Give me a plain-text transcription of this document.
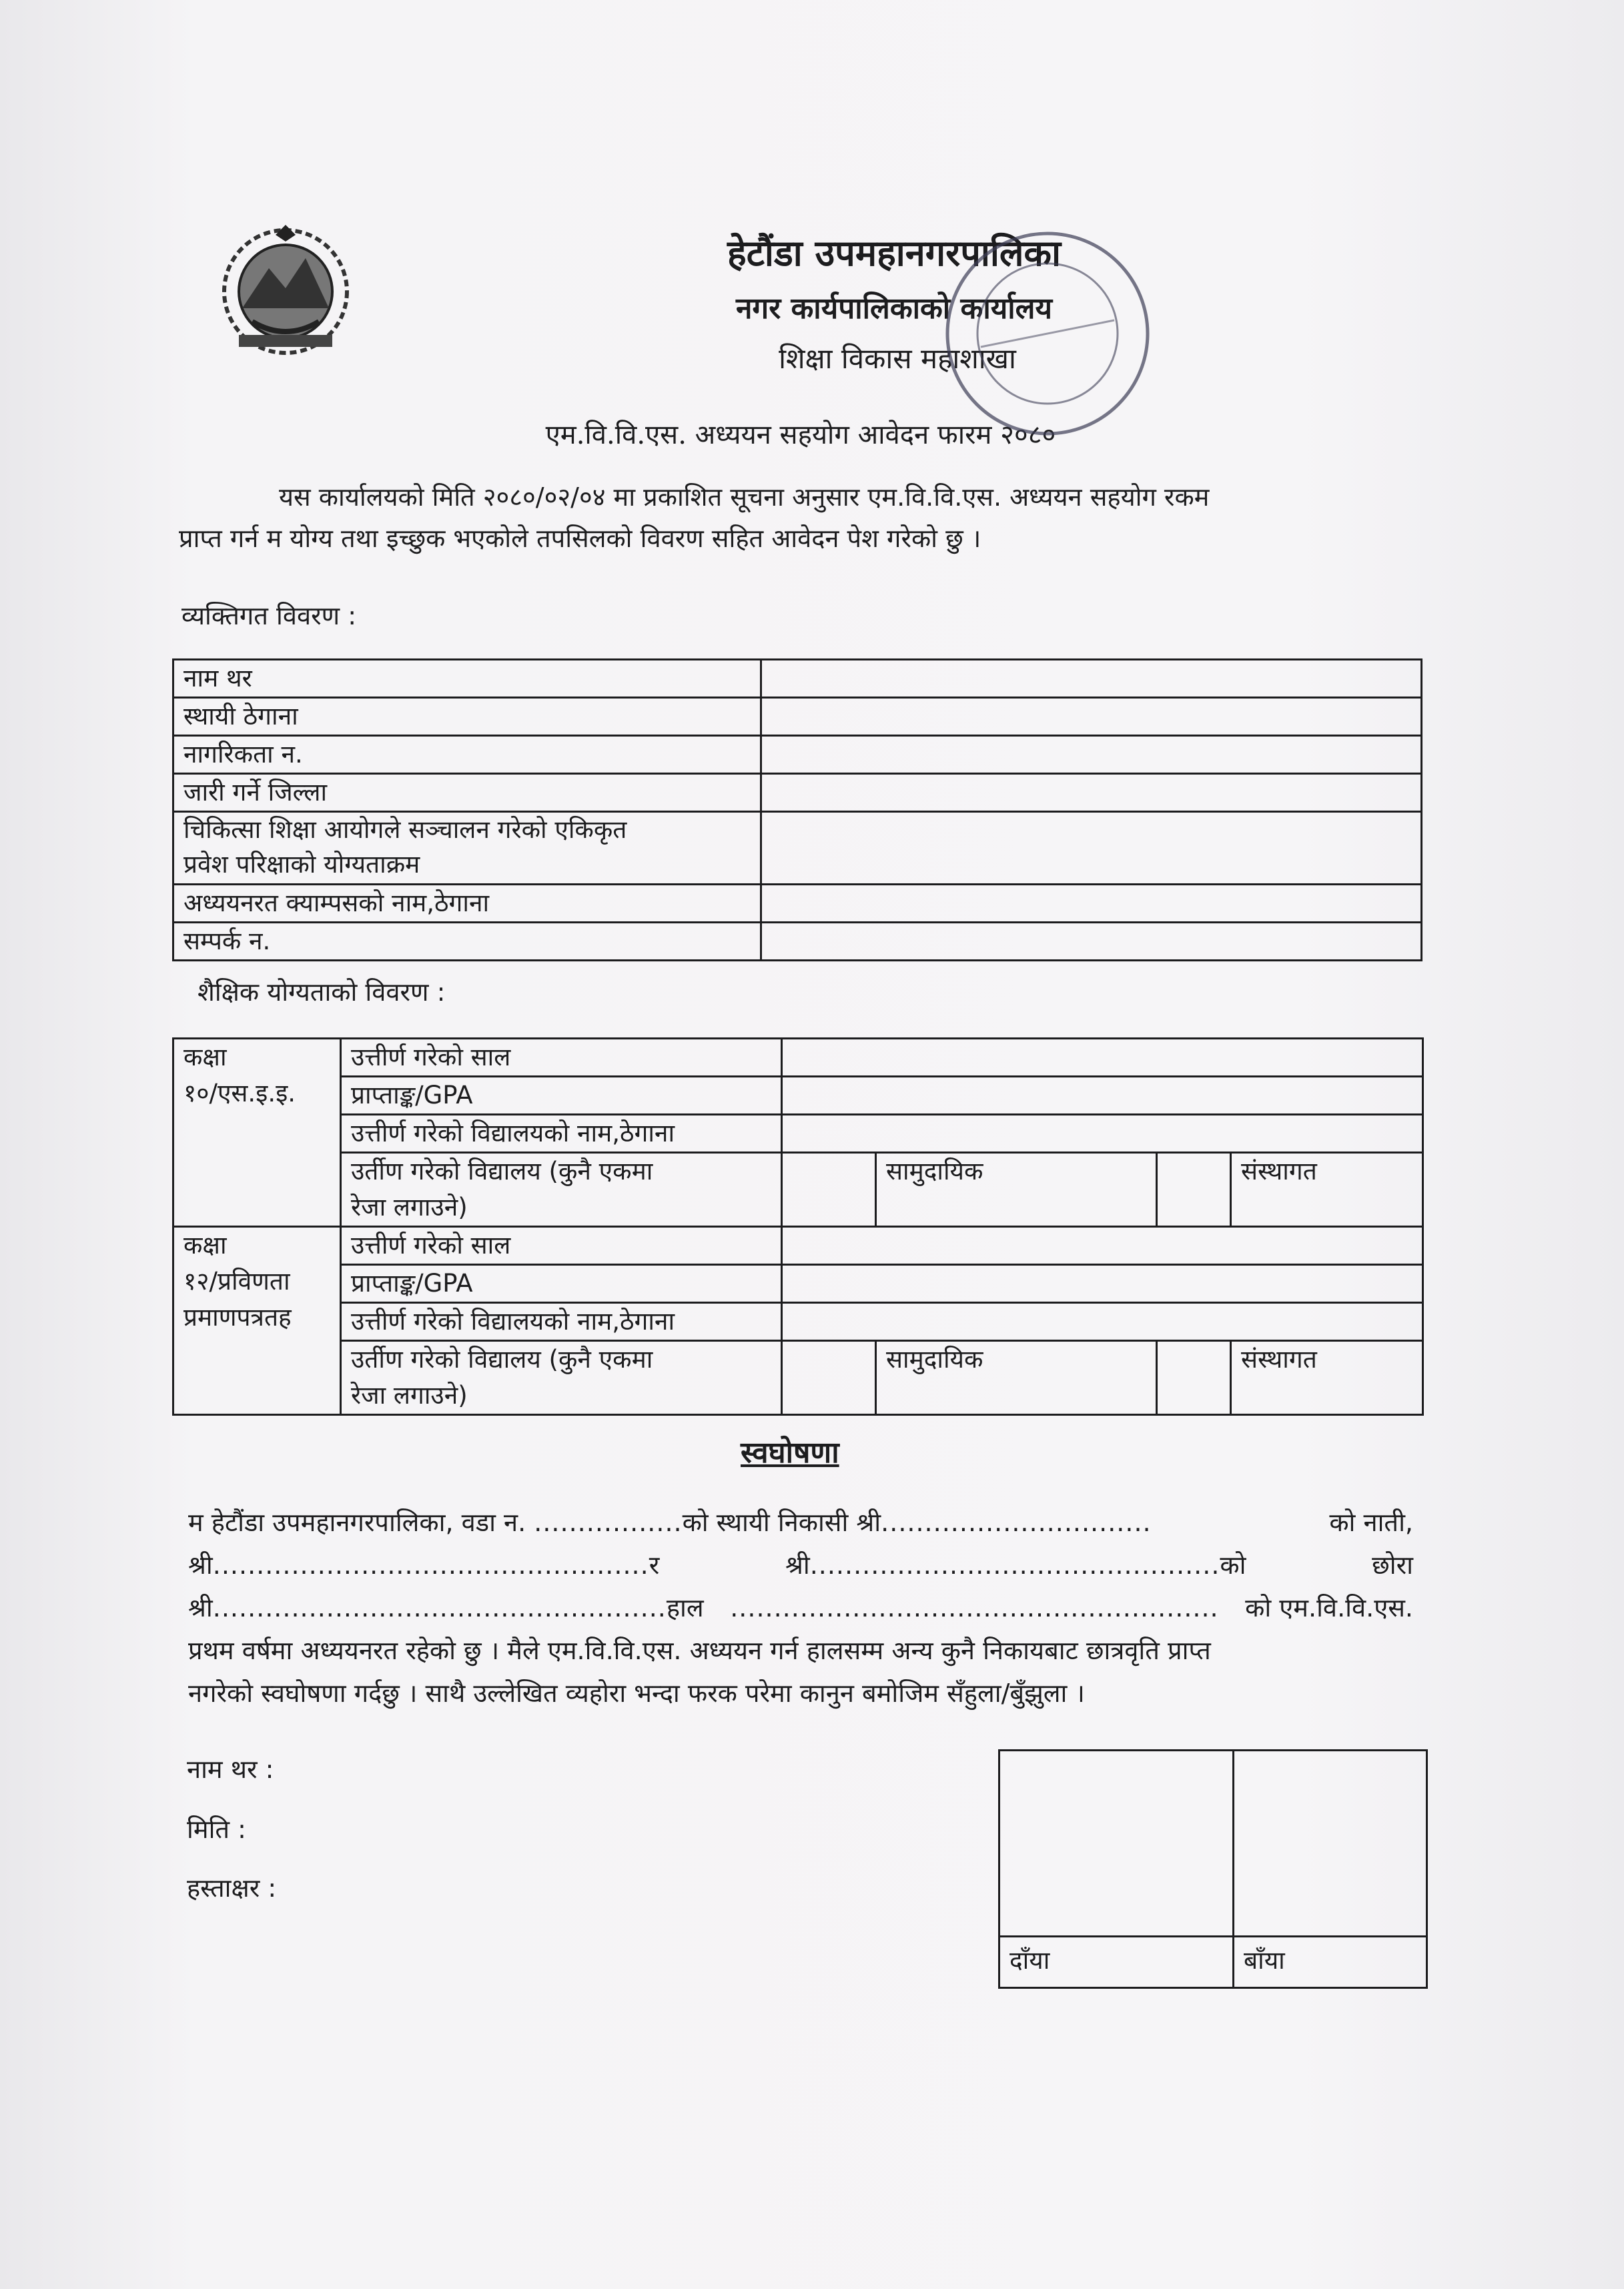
हेटौंडा उपमहानगरपालिका
नगर कार्यपालिकाको कार्यालय
शिक्षा विकास महाशाखा
एम.वि.वि.एस. अध्ययन सहयोग आवेदन फारम २०८०
यस कार्यालयको मिति २०८०/०२/०४ मा प्रकाशित सूचना अनुसार एम.वि.वि.एस. अध्ययन सहयोग रकम
प्राप्त गर्न म योग्य तथा इच्छुक भएकोले तपसिलको विवरण सहित आवेदन पेश गरेको छु ।
व्यक्तिगत विवरण :
नाम थर	
स्थायी ठेगाना	
नागरिकता न.	
जारी गर्ने जिल्ला	
चिकित्सा शिक्षा आयोगले सञ्चालन गरेको एकिकृत
प्रवेश परिक्षाको योग्यताक्रम	
अध्ययनरत क्याम्पसको नाम,ठेगाना	
सम्पर्क न.	
शैक्षिक योग्यताको विवरण :
कक्षा
१०/एस.इ.इ.	उत्तीर्ण गरेको साल				
	प्राप्ताङ्क/GPA				
	उत्तीर्ण गरेको विद्यालयको नाम,ठेगाना				
	उर्तीण गरेको विद्यालय (कुनै एकमा
रेजा लगाउने)		सामुदायिक		संस्थागत
कक्षा
१२/प्रविणता
प्रमाणपत्रतह	उत्तीर्ण गरेको साल				
	प्राप्ताङ्क/GPA				
	उत्तीर्ण गरेको विद्यालयको नाम,ठेगाना				
	उर्तीण गरेको विद्यालय (कुनै एकमा
रेजा लगाउने)		सामुदायिक		संस्थागत
स्वघोषणा
म हेटौंडा उपमहानगरपालिका, वडा न. .................को स्थायी निकासी श्री...............................	को नाती,
श्री..................................................र	श्री...............................................को	छोरा
श्री....................................................हाल ........................................................ को एम.वि.वि.एस.
प्रथम वर्षमा अध्ययनरत रहेको छु । मैले एम.वि.वि.एस. अध्ययन गर्न हालसम्म अन्य कुनै निकायबाट छात्रवृति प्राप्त
नगरेको स्वघोषणा गर्दछु । साथै उल्लेखित व्यहोरा भन्दा फरक परेमा कानुन बमोजिम सँहुला/बुँझुला ।
नाम थर :
मिति :
हस्ताक्षर :

दाँया	बाँया
